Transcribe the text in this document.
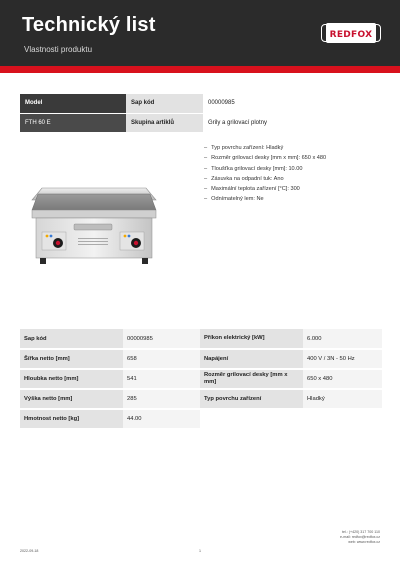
Technický list
Vlastnosti produktu
REDFOX
Model	Sap kód	00000985
FTH 60 E	Skupina artiklů	Grily a grilovací plotny
– Typ povrchu zařízení: Hladký
– Rozměr grilovací desky [mm x mm]: 650 x 480
– Tloušťka grilovací desky [mm]: 10.00
– Zásuvka na odpadní tuk: Ano
– Maximální teplota zařízení [°C]: 300
– Odnímatelný lem: Ne
Sap kód	00000985	Příkon elektrický [kW]	6.000
Šířka netto [mm]	658	Napájení	400 V / 3N - 50 Hz
Hloubka netto [mm]	541	Rozměr grilovací desky [mm x mm]	650 x 480
Výška netto [mm]	285	Typ povrchu zařízení	Hladký
Hmotnost netto [kg]	44.00		
tel.: (+420) 317 700 110
e-mail: redfox@redfox.cz
web: www.redfox.cz
2022-09-18	1
